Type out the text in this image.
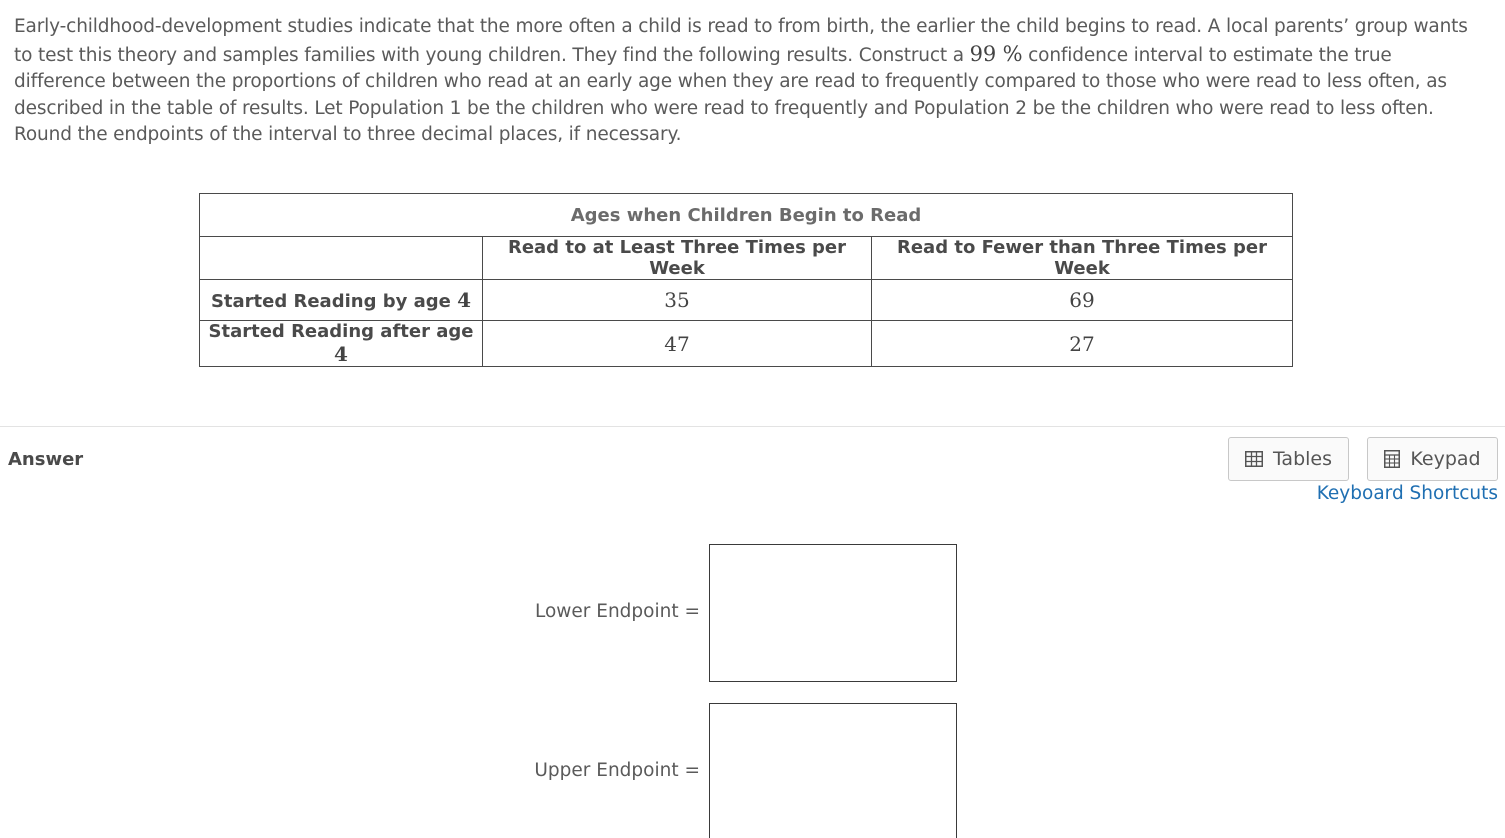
Early-childhood-development studies indicate that the more often a child is read to from birth, the earlier the child begins to read. A local parents’ group wants to test this theory and samples families with young children. They find the following results. Construct a 99 % confidence interval to estimate the true difference between the proportions of children who read at an early age when they are read to frequently compared to those who were read to less often, as described in the table of results. Let Population 1 be the children who were read to frequently and Population 2 be the children who were read to less often. Round the endpoints of the interval to three decimal places, if necessary.
Ages when Children Begin to Read		
	Read to at Least Three Times per Week	Read to Fewer than Three Times per Week
Started Reading by age 4	35	69
Started Reading after age 4	47	27
Answer	Tables	Keypad
Keyboard Shortcuts
Lower Endpoint =
Upper Endpoint =
